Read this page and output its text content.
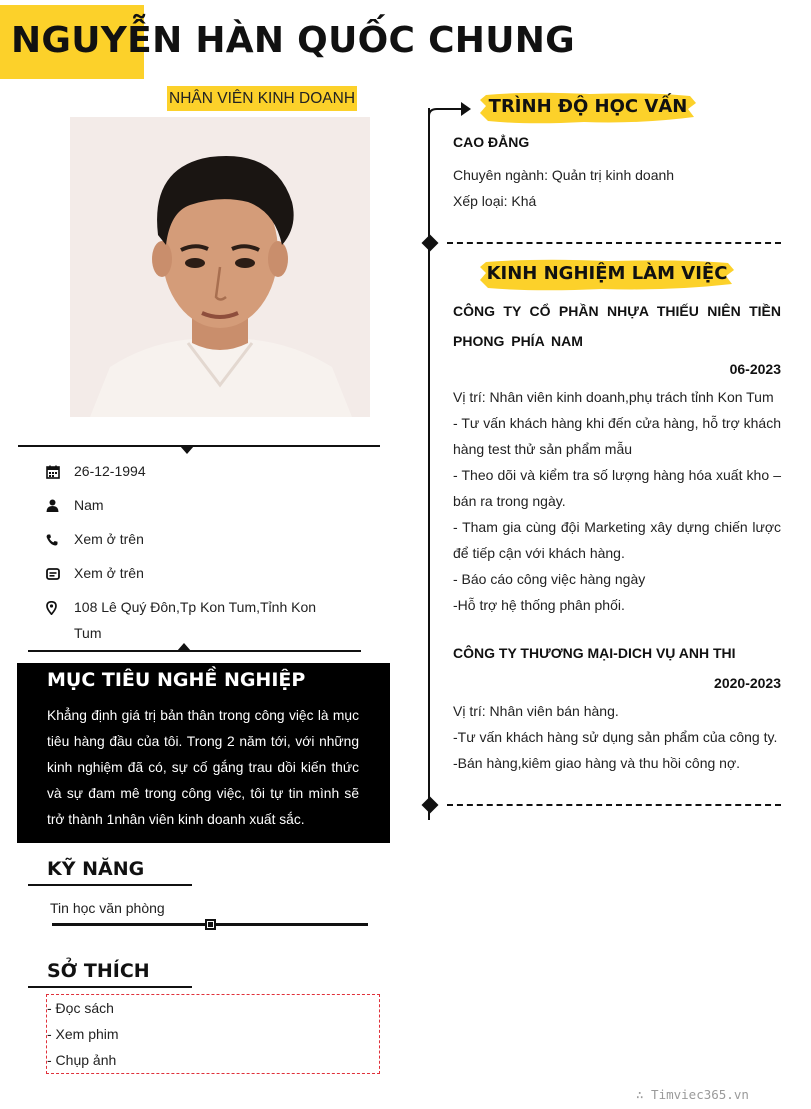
NGUYỄN HÀN QUỐC CHUNG
NHÂN VIÊN KINH DOANH
26-12-1994
Nam
Xem ở trên
Xem ở trên
108 Lê Quý Đôn,Tp Kon Tum,Tỉnh Kon Tum
MỤC TIÊU NGHỀ NGHIỆP

Khẳng định giá trị bản thân trong công việc là mục tiêu hàng đầu của tôi. Trong 2 năm tới, với những kinh nghiệm đã có, sự cố gắng trau dồi kiến thức và sự đam mê trong công việc, tôi tự tin mình sẽ trở thành 1nhân viên kinh doanh xuất sắc.

KỸ NĂNG
Tin học văn phòng
SỞ THÍCH
- Đọc sách
- Xem phim
- Chụp ảnh
TRÌNH ĐỘ HỌC VẤN
CAO ĐẲNG
Chuyên ngành: Quản trị kinh doanh
Xếp loại: Khá
KINH NGHIỆM LÀM VIỆC
CÔNG TY CỔ PHẦN NHỰA THIẾU NIÊN TIỀN PHONG PHÍA NAM
06-2023
Vị trí: Nhân viên kinh doanh,phụ trách tỉnh Kon Tum
- Tư vấn khách hàng khi đến cửa hàng, hỗ trợ khách hàng test thử sản phẩm mẫu
- Theo dõi và kiểm tra số lượng hàng hóa xuất kho – bán ra trong ngày.
- Tham gia cùng đội Marketing xây dựng chiến lược để tiếp cận với khách hàng.
- Báo cáo công việc hàng ngày
-Hỗ trợ hệ thống phân phối.
CÔNG TY THƯƠNG MẠI-DICH VỤ ANH THI
2020-2023
Vị trí: Nhân viên bán hàng.
-Tư vấn khách hàng sử dụng sản phẩm của công ty.
-Bán hàng,kiêm giao hàng và thu hồi công nợ.
∴ Timviec365.vn
